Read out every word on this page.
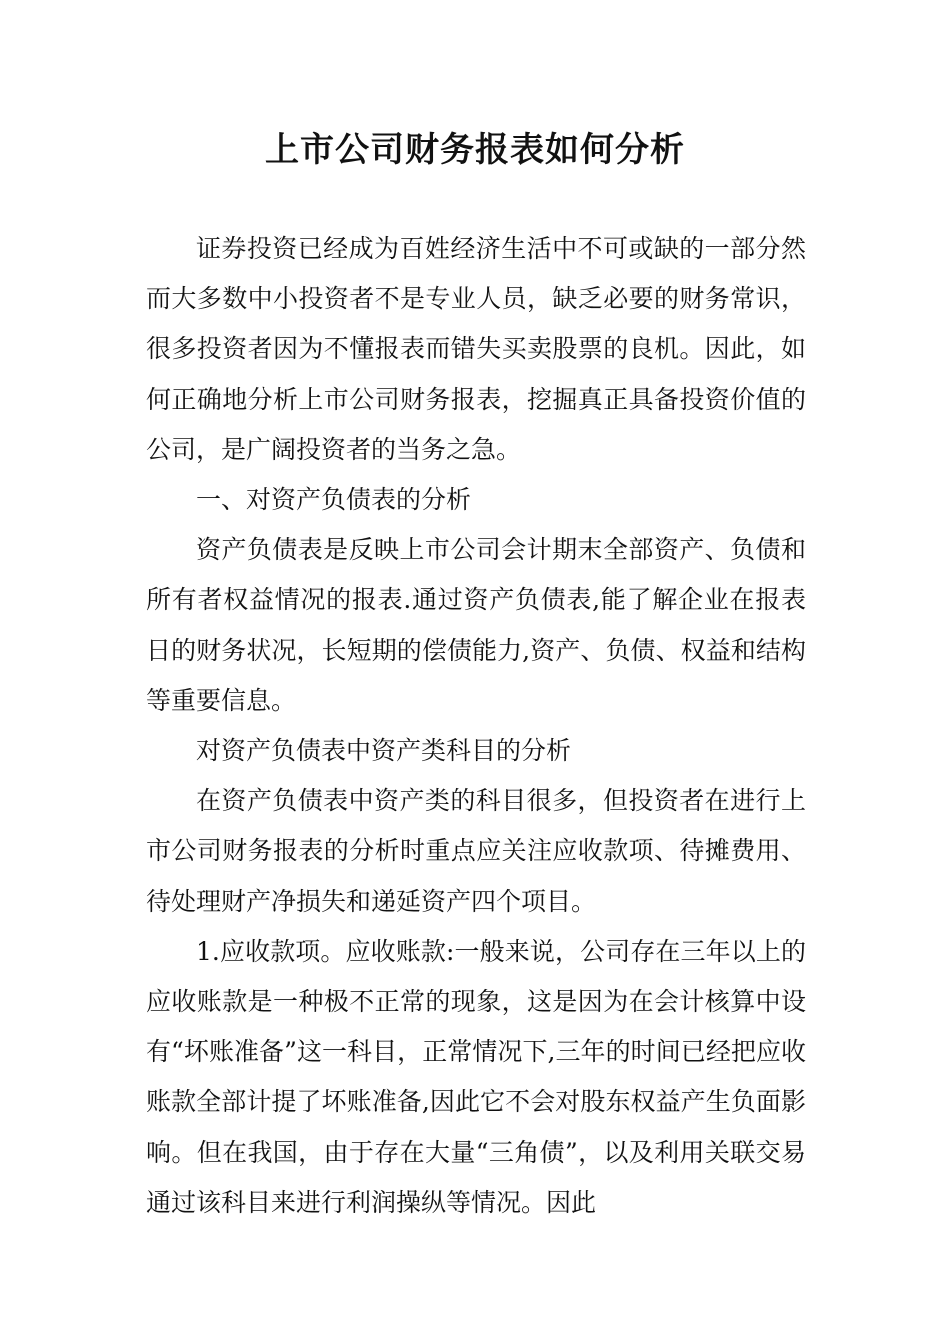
上市公司财务报表如何分析

证券投资已经成为百姓经济生活中不可或缺的一部分然而大多数中小投资者不是专业人员，缺乏必要的财务常识，很多投资者因为不懂报表而错失买卖股票的良机。因此，如何正确地分析上市公司财务报表，挖掘真正具备投资价值的公司，是广阔投资者的当务之急。

一、对资产负债表的分析

资产负债表是反映上市公司会计期末全部资产、负债和所有者权益情况的报表.通过资产负债表,能了解企业在报表日的财务状况，长短期的偿债能力,资产、负债、权益和结构等重要信息。

对资产负债表中资产类科目的分析

在资产负债表中资产类的科目很多，但投资者在进行上市公司财务报表的分析时重点应关注应收款项、待摊费用、待处理财产净损失和递延资产四个项目。

1.应收款项。应收账款:一般来说，公司存在三年以上的应收账款是一种极不正常的现象，这是因为在会计核算中设有“坏账准备”这一科目，正常情况下,三年的时间已经把应收账款全部计提了坏账准备,因此它不会对股东权益产生负面影响。但在我国，由于存在大量“三角债”，以及利用关联交易通过该科目来进行利润操纵等情况。因此
